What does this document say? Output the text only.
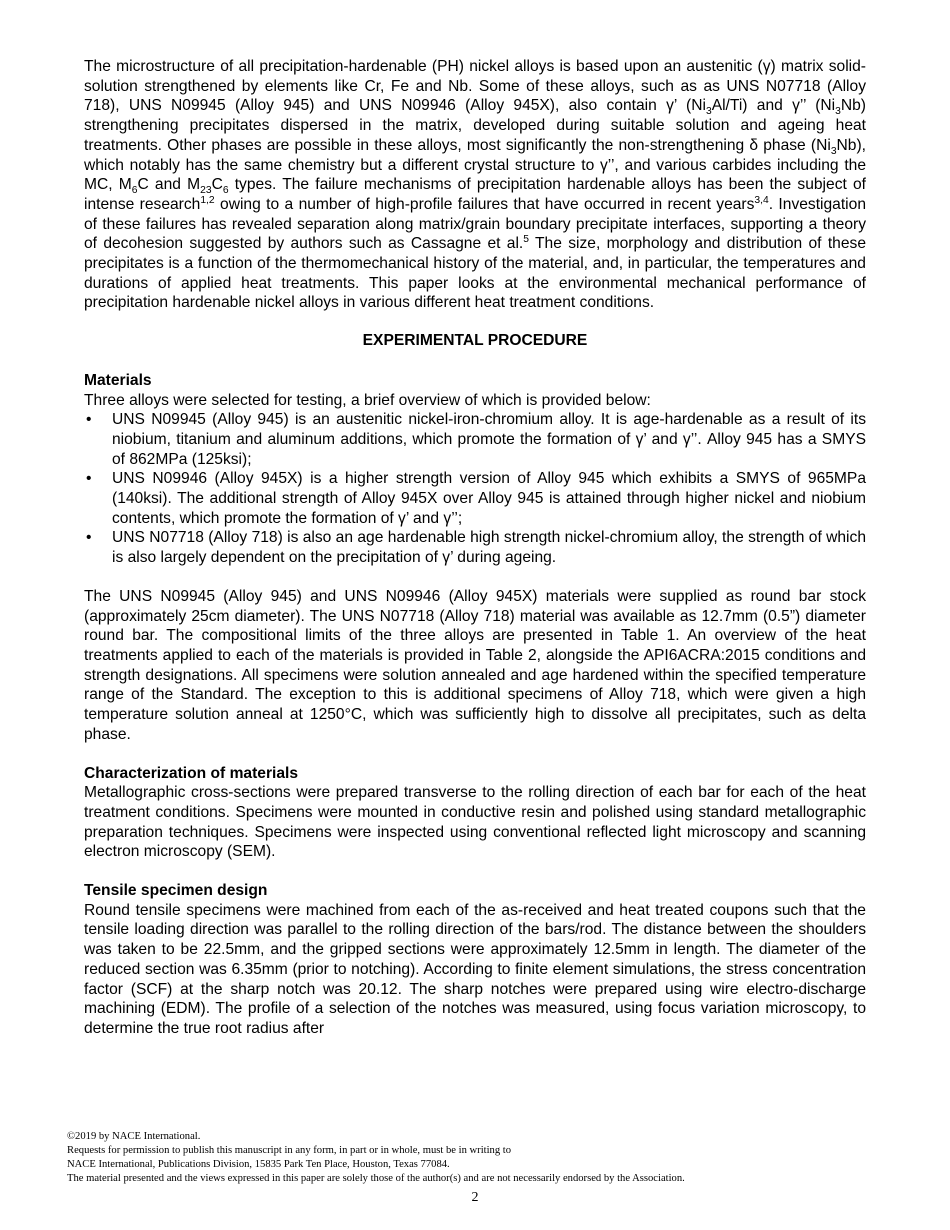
The microstructure of all precipitation-hardenable (PH) nickel alloys is based upon an austenitic (γ) matrix solid-solution strengthened by elements like Cr, Fe and Nb. Some of these alloys, such as as UNS N07718 (Alloy 718), UNS N09945 (Alloy 945) and UNS N09946 (Alloy 945X), also contain γ’ $(Ni_3Al/Ti)$ and γ’’ $(Ni_3Nb)$ strengthening precipitates dispersed in the matrix, developed during suitable solution and ageing heat treatments. Other phases are possible in these alloys, most significantly the non-strengthening δ phase $(Ni_3Nb)$, which notably has the same chemistry but a different crystal structure to γ’’, and various carbides including the MC, $M_6C$ and $M_{23}C_6$ types. The failure mechanisms of precipitation hardenable alloys has been the subject of intense research$^{1,2}$ owing to a number of high-profile failures that have occurred in recent years$^{3,4}$. Investigation of these failures has revealed separation along matrix/grain boundary precipitate interfaces, supporting a theory of decohesion suggested by authors such as Cassagne et al.$^5$ The size, morphology and distribution of these precipitates is a function of the thermomechanical history of the material, and, in particular, the temperatures and durations of applied heat treatments. This paper looks at the environmental mechanical performance of precipitation hardenable nickel alloys in various different heat treatment conditions.

EXPERIMENTAL PROCEDURE

Materials

Three alloys were selected for testing, a brief overview of which is provided below:

• UNS N09945 (Alloy 945) is an austenitic nickel-iron-chromium alloy. It is age-hardenable as a result of its niobium, titanium and aluminum additions, which promote the formation of γ’ and γ’’. Alloy 945 has a SMYS of 862MPa (125ksi);
• UNS N09946 (Alloy 945X) is a higher strength version of Alloy 945 which exhibits a SMYS of 965MPa (140ksi). The additional strength of Alloy 945X over Alloy 945 is attained through higher nickel and niobium contents, which promote the formation of γ’ and γ’’;
• UNS N07718 (Alloy 718) is also an age hardenable high strength nickel-chromium alloy, the strength of which is also largely dependent on the precipitation of γ’ during ageing.

The UNS N09945 (Alloy 945) and UNS N09946 (Alloy 945X) materials were supplied as round bar stock (approximately 25cm diameter). The UNS N07718 (Alloy 718) material was available as 12.7mm (0.5”) diameter round bar. The compositional limits of the three alloys are presented in Table 1. An overview of the heat treatments applied to each of the materials is provided in Table 2, alongside the API6ACRA:2015 conditions and strength designations. All specimens were solution annealed and age hardened within the specified temperature range of the Standard. The exception to this is additional specimens of Alloy 718, which were given a high temperature solution anneal at 1250°C, which was sufficiently high to dissolve all precipitates, such as delta phase.

Characterization of materials

Metallographic cross-sections were prepared transverse to the rolling direction of each bar for each of the heat treatment conditions. Specimens were mounted in conductive resin and polished using standard metallographic preparation techniques. Specimens were inspected using conventional reflected light microscopy and scanning electron microscopy (SEM).

Tensile specimen design

Round tensile specimens were machined from each of the as-received and heat treated coupons such that the tensile loading direction was parallel to the rolling direction of the bars/rod. The distance between the shoulders was taken to be 22.5mm, and the gripped sections were approximately 12.5mm in length. The diameter of the reduced section was 6.35mm (prior to notching). According to finite element simulations, the stress concentration factor (SCF) at the sharp notch was 20.12. The sharp notches were prepared using wire electro-discharge machining (EDM). The profile of a selection of the notches was measured, using focus variation microscopy, to determine the true root radius after

©2019 by NACE International.
Requests for permission to publish this manuscript in any form, in part or in whole, must be in writing to
NACE International, Publications Division, 15835 Park Ten Place, Houston, Texas 77084.
The material presented and the views expressed in this paper are solely those of the author(s) and are not necessarily endorsed by the Association.
2
